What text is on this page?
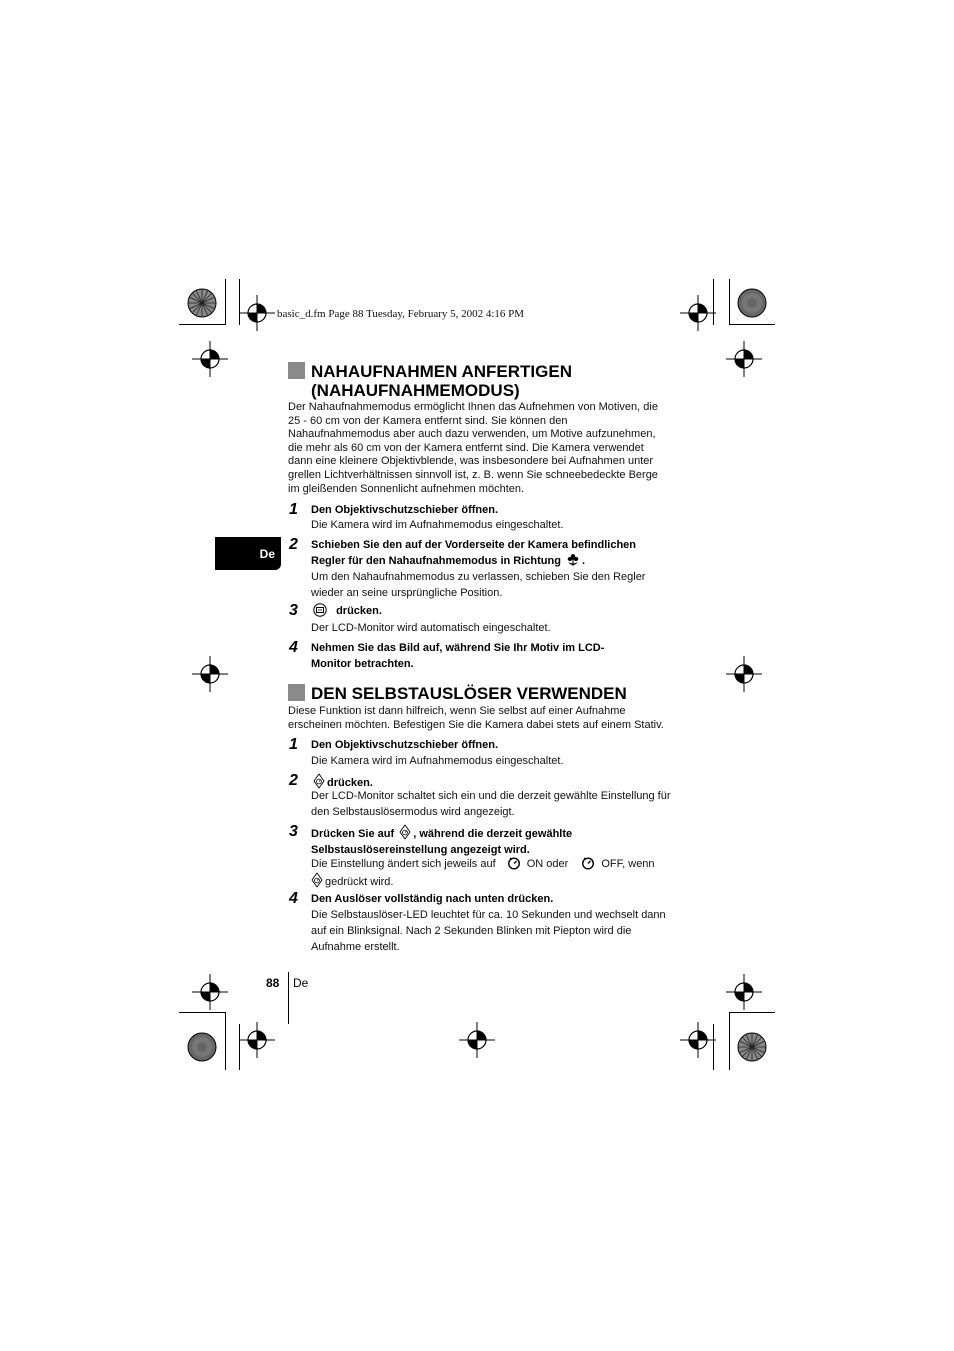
basic_d.fm Page 88 Tuesday, February 5, 2002 4:16 PM
De
NAHAUFNAHMEN ANFERTIGEN
(NAHAUFNAHMEMODUS)
Der Nahaufnahmemodus ermöglicht Ihnen das Aufnehmen von Motiven, die 25 - 60 cm von der Kamera entfernt sind. Sie können den Nahaufnahmemodus aber auch dazu verwenden, um Motive aufzunehmen, die mehr als 60 cm von der Kamera entfernt sind. Die Kamera verwendet dann eine kleinere Objektivblende, was insbesondere bei Aufnahmen unter grellen Lichtverhältnissen sinnvoll ist, z. B. wenn Sie schneebedeckte Berge im gleißenden Sonnenlicht aufnehmen möchten.
1 Den Objektivschutzschieber öffnen.
Die Kamera wird im Aufnahmemodus eingeschaltet.
2 Schieben Sie den auf der Vorderseite der Kamera befindlichen Regler für den Nahaufnahmemodus in Richtung .
Um den Nahaufnahmemodus zu verlassen, schieben Sie den Regler wieder an seine ursprüngliche Position.
3	drücken.
Der LCD-Monitor wird automatisch eingeschaltet.
4 Nehmen Sie das Bild auf, während Sie Ihr Motiv im LCD-Monitor betrachten.
DEN SELBSTAUSLÖSER VERWENDEN
Diese Funktion ist dann hilfreich, wenn Sie selbst auf einer Aufnahme erscheinen möchten. Befestigen Sie die Kamera dabei stets auf einem Stativ.
1 Den Objektivschutzschieber öffnen.
Die Kamera wird im Aufnahmemodus eingeschaltet.
2	drücken.
Der LCD-Monitor schaltet sich ein und die derzeit gewählte Einstellung für den Selbstauslösermodus wird angezeigt.
3 Drücken Sie auf , während die derzeit gewählte Selbstauslösereinstellung angezeigt wird.
Die Einstellung ändert sich jeweils auf	ON oder	OFF, wenn

gedrückt wird.
4 Den Auslöser vollständig nach unten drücken.
Die Selbstauslöser-LED leuchtet für ca. 10 Sekunden und wechselt dann auf ein Blinksignal. Nach 2 Sekunden Blinken mit Piepton wird die Aufnahme erstellt.
88 De
